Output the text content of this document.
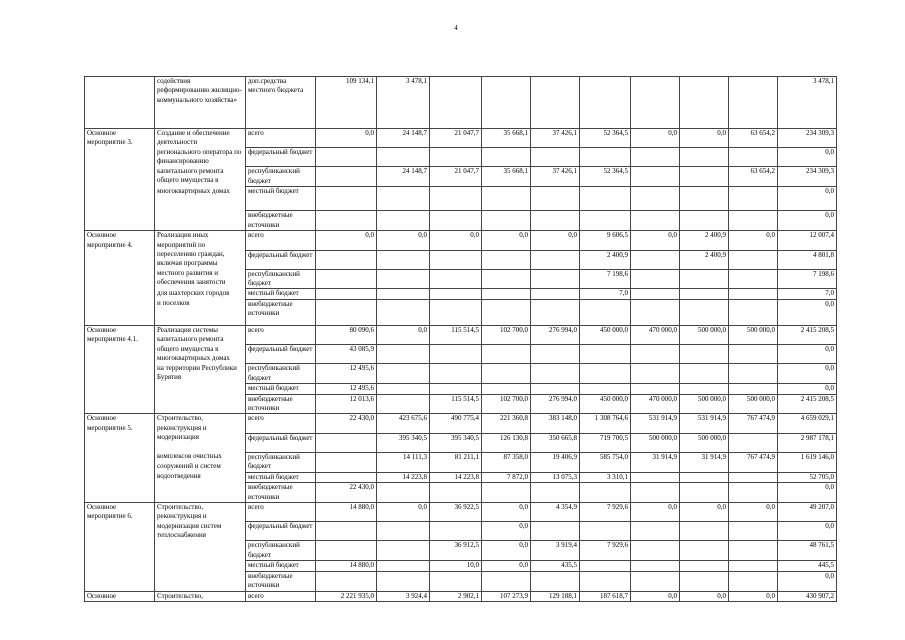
4
	содействия реформированию жилищно-коммунального хозяйства»	доп.средства местного бюджета	109 134,1	3 478,1								3 478,1
Основное мероприятие 3.	Создание и обеспечение деятельности	всего	0,0	24 148,7	21 047,7	35 668,1	37 426,1	52 364,5	0,0	0,0	63 654,2	234 309,3
	регионального оператора по финансированию	федеральный бюджет										0,0
	капитального ремонта общего имущества в	республиканский бюджет		24 148,7	21 047,7	35 668,1	37 426,1	52 364,5			63 654,2	234 309,3
	многоквартирных домах	местный бюджет										0,0
		внебюджетные источники										0,0
Основное мероприятие 4.	Реализация иных мероприятий по	всего	0,0	0,0	0,0	0,0	0,0	9 606,5	0,0	2 400,9	0,0	12 007,4
	переселению граждан, включая программы	федеральный бюджет						2 400,9		2 400,9		4 801,8
	местного развития и обеспечения занятости	республиканский бюджет						7 198,6				7 198,6
	для шахтерских городов	местный бюджет						7,0				7,0
	и поселков	внебюджетные источники										0,0
Основное мероприятие 4.1.	Реализация системы капитального ремонта	всего	80 090,6	0,0	115 514,5	102 700,0	276 994,0	450 000,0	470 000,0	500 000,0	500 000,0	2 415 208,5
	общего имущества в многоквартирных домах	федеральный бюджет	43 085,9									0,0
	на территории Республики Бурятия	республиканский бюджет	12 495,6									0,0
		местный бюджет	12 495,6									0,0
		внебюджетные источники	12 013,6		115 514,5	102 700,0	276 994,0	450 000,0	470 000,0	500 000,0	500 000,0	2 415 208,5
Основное мероприятие 5.	Строительство, реконструкция и	всего	22 430,0	423 675,6	490 775,4	221 360,8	383 148,0	1 308 764,6	531 914,9	531 914,9	767 474,9	4 659 029,1
	модернизация	федеральный бюджет		395 340,5	395 340,5	126 130,8	350 665,8	719 700,5	500 000,0	500 000,0		2 987 178,1
	комплексов очистных сооружений и систем	республиканский бюджет		14 111,3	81 211,1	87 358,0	19 406,9	585 754,0	31 914,9	31 914,9	767 474,9	1 619 146,0
	водоотведения	местный бюджет		14 223,8	14 223,8	7 872,0	13 075,3	3 310,1				52 705,0
		внебюджетные источники	22 430,0									0,0
Основное мероприятие 6.	Строительство, реконструкция и	всего	14 880,0	0,0	36 922,5	0,0	4 354,9	7 929,6	0,0	0,0	0,0	49 207,0
	модернизация систем теплоснабжения	федеральный бюджет				0,0						0,0
		республиканский бюджет			36 912,5	0,0	3 919,4	7 929,6				48 761,5
		местный бюджет	14 880,0		10,0	0,0	435,5					445,5
		внебюджетные источники										0,0
Основное	Строительство,	всего	2 221 935,0	3 924,4	2 902,1	107 273,9	129 188,1	187 618,7	0,0	0,0	0,0	430 907,2
